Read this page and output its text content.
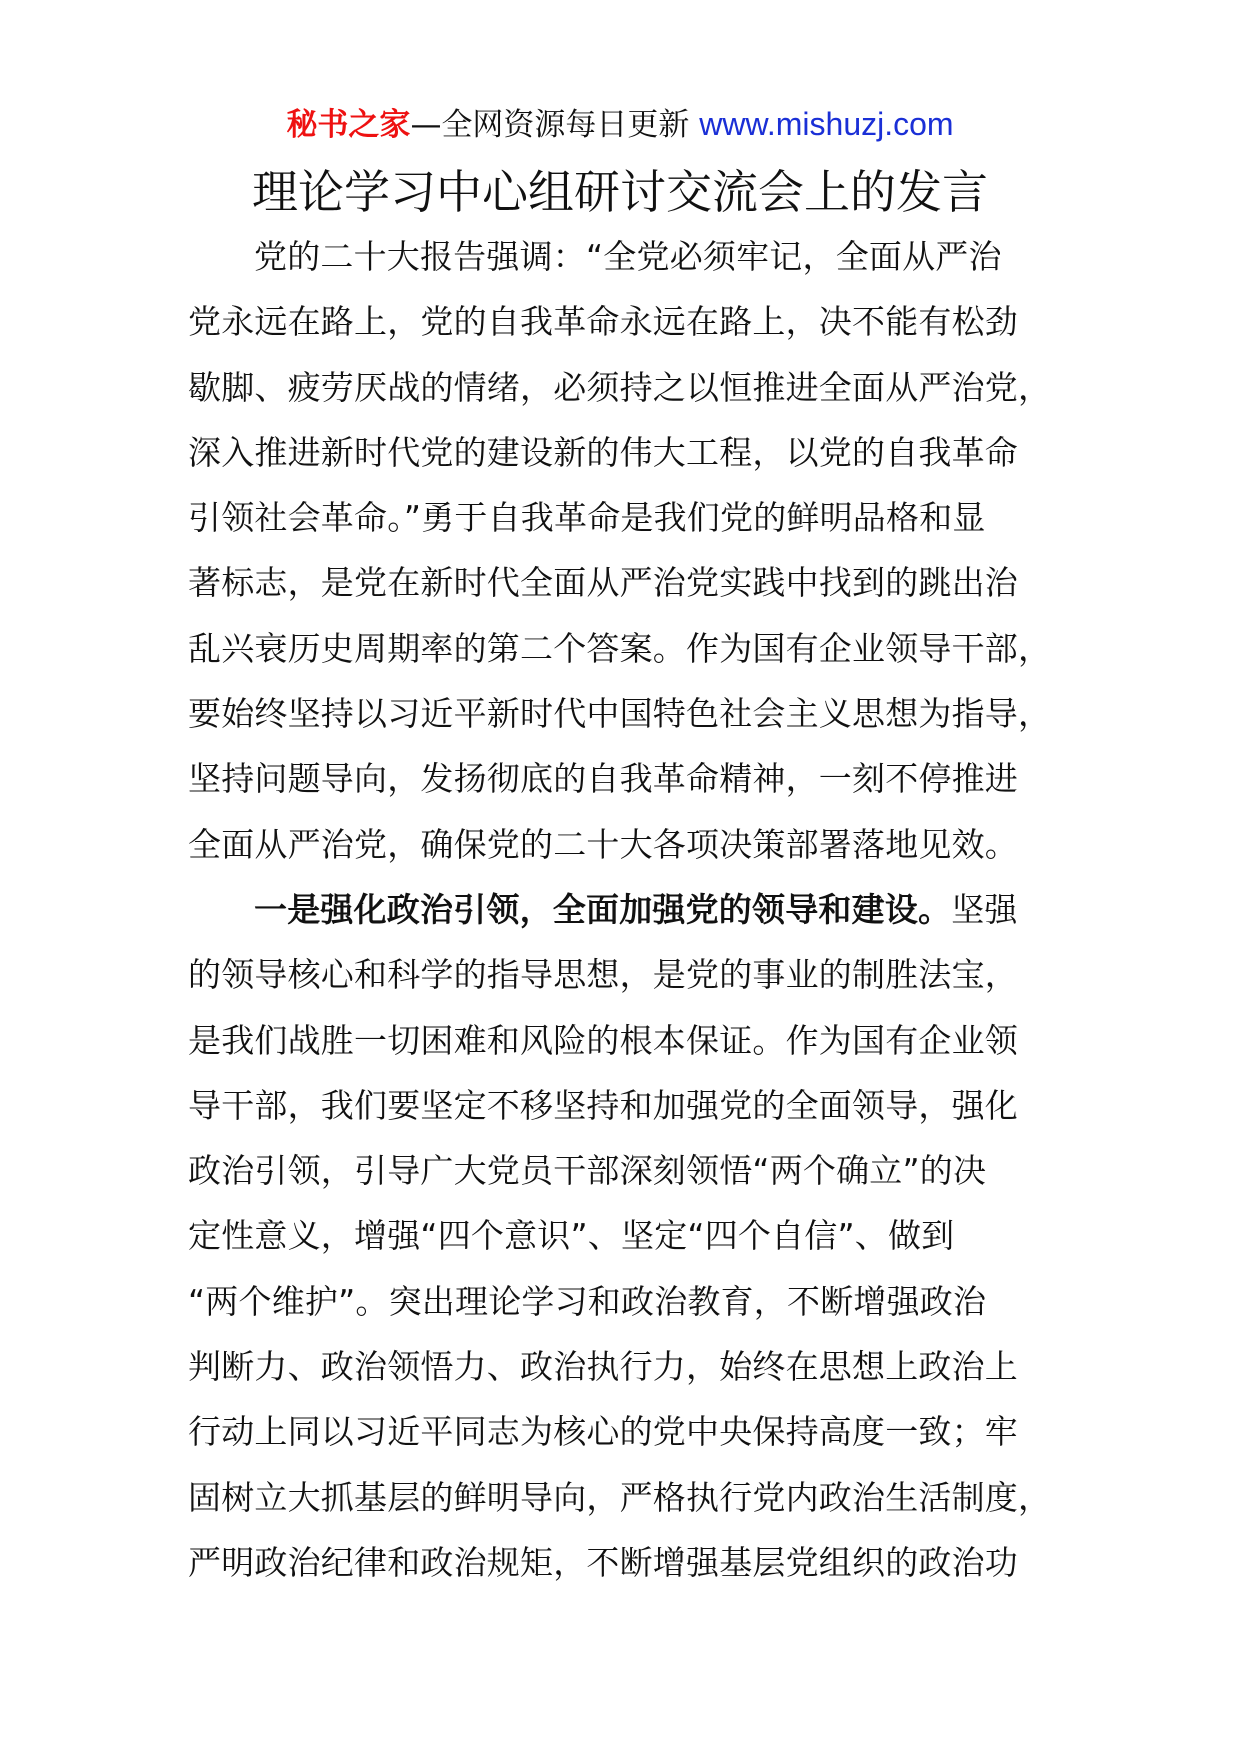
秘书之家—全网资源每日更新 www.mishuzj.com
理论学习中心组研讨交流会上的发言
党的二十大报告强调：“全党必须牢记，全面从严治
党永远在路上，党的自我革命永远在路上，决不能有松劲
歇脚、疲劳厌战的情绪，必须持之以恒推进全面从严治党，
深入推进新时代党的建设新的伟大工程，以党的自我革命
引领社会革命。”勇于自我革命是我们党的鲜明品格和显
著标志，是党在新时代全面从严治党实践中找到的跳出治
乱兴衰历史周期率的第二个答案。作为国有企业领导干部，
要始终坚持以习近平新时代中国特色社会主义思想为指导，
坚持问题导向，发扬彻底的自我革命精神，一刻不停推进
全面从严治党，确保党的二十大各项决策部署落地见效。
一是强化政治引领，全面加强党的领导和建设。坚强
的领导核心和科学的指导思想，是党的事业的制胜法宝，
是我们战胜一切困难和风险的根本保证。作为国有企业领
导干部，我们要坚定不移坚持和加强党的全面领导，强化
政治引领，引导广大党员干部深刻领悟“两个确立”的决
定性意义，增强“四个意识”、坚定“四个自信”、做到
“两个维护”。突出理论学习和政治教育，不断增强政治
判断力、政治领悟力、政治执行力，始终在思想上政治上
行动上同以习近平同志为核心的党中央保持高度一致；牢
固树立大抓基层的鲜明导向，严格执行党内政治生活制度，
严明政治纪律和政治规矩，不断增强基层党组织的政治功
